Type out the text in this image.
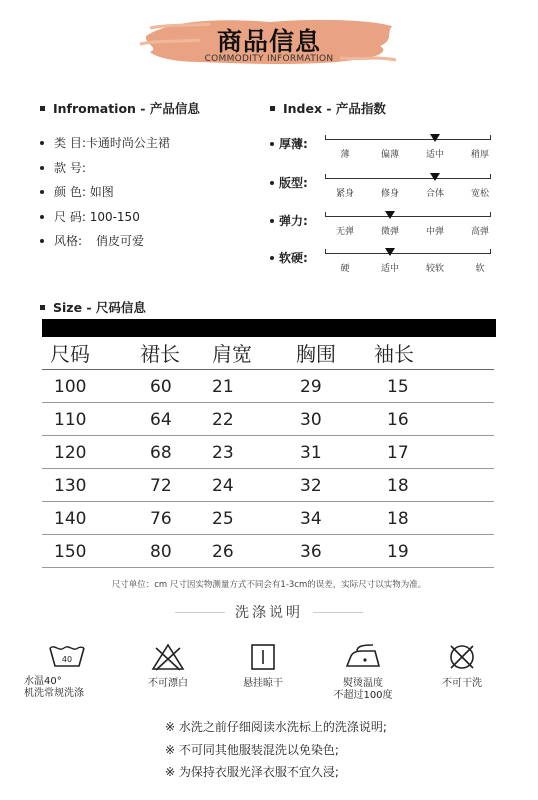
商品信息
COMMODITY INFORMATION
Infromation - 产品信息
类 目:卡通时尚公主裙
款 号:
颜 色: 如图
尺 码: 100-150
风格: 俏皮可爱
Index - 产品指数
厚薄:
薄	偏薄	适中	稍厚
版型:
紧身	修身	合体	宽松
弹力:
无弹	微弹	中弹	高弹
软硬:
硬	适中	较软	软
Size - 尺码信息
尺码	裙长 肩宽 胸围 袖长
100	60 21	29	15
110	64 22	30	16
120	68 23	31	17
130	72 24	32	18
140	76 25	34	18
150	80 26	36	19
尺寸单位：cm 尺寸因实物测量方式不同会有1-3cm的误差，实际尺寸以实物为准。
洗涤说明
40
水温40°
机洗常规洗涤
不可漂白	悬挂晾干	熨烫温度
不超过100度
不可干洗
※ 水洗之前仔细阅读水洗标上的洗涤说明;
※ 不可同其他服装混洗以免染色;
※ 为保持衣服光泽衣服不宜久浸;
